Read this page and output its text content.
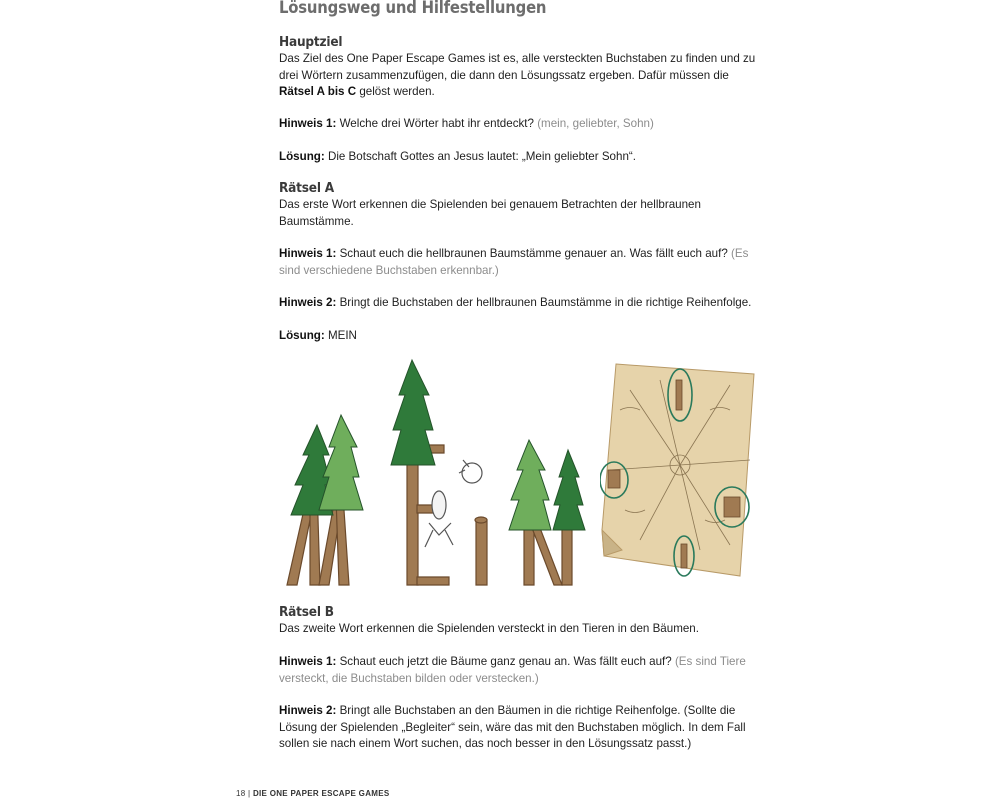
Lösungsweg und Hilfestellungen
Hauptziel

Das Ziel des One Paper Escape Games ist es, alle versteckten Buchstaben zu finden und zu drei Wörtern zusammenzufügen, die dann den Lösungssatz ergeben. Dafür müssen die Rätsel A bis C gelöst werden.

Hinweis 1: Welche drei Wörter habt ihr entdeckt? (mein, geliebter, Sohn)

Lösung: Die Botschaft Gottes an Jesus lautet: „Mein geliebter Sohn“.

Rätsel A

Das erste Wort erkennen die Spielenden bei genauem Betrachten der hellbraunen Baumstämme.

Hinweis 1: Schaut euch die hellbraunen Baumstämme genauer an. Was fällt euch auf? (Es sind verschiedene Buchstaben erkennbar.)

Hinweis 2: Bringt die Buchstaben der hellbraunen Baumstämme in die richtige Reihenfolge.

Lösung: MEIN

Rätsel B

Das zweite Wort erkennen die Spielenden versteckt in den Tieren in den Bäumen.

Hinweis 1: Schaut euch jetzt die Bäume ganz genau an. Was fällt euch auf? (Es sind Tiere versteckt, die Buchstaben bilden oder verstecken.)

Hinweis 2: Bringt alle Buchstaben an den Bäumen in die richtige Reihenfolge. (Sollte die Lösung der Spielenden „Begleiter“ sein, wäre das mit den Buchstaben möglich. In dem Fall sollen sie nach einem Wort suchen, das noch besser in den Lösungssatz passt.)

18 | DIE ONE PAPER ESCAPE GAMES
